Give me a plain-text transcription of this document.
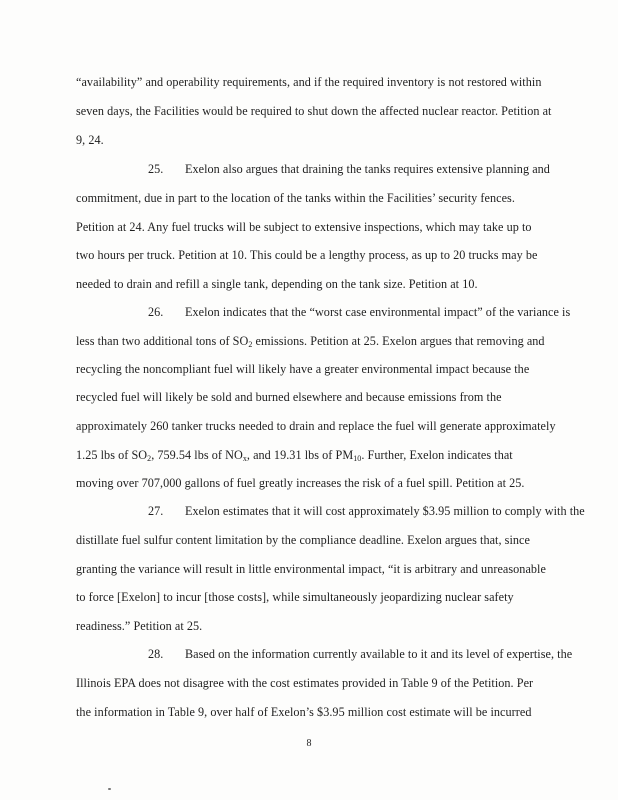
“availability” and operability requirements, and if the required inventory is not restored within
seven days, the Facilities would be required to shut down the affected nuclear reactor. Petition at
9, 24.
25. Exelon also argues that draining the tanks requires extensive planning and
commitment, due in part to the location of the tanks within the Facilities’ security fences.
Petition at 24. Any fuel trucks will be subject to extensive inspections, which may take up to
two hours per truck. Petition at 10. This could be a lengthy process, as up to 20 trucks may be
needed to drain and refill a single tank, depending on the tank size. Petition at 10.
26. Exelon indicates that the “worst case environmental impact” of the variance is
less than two additional tons of $SO_2$ emissions. Petition at 25. Exelon argues that removing and
recycling the noncompliant fuel will likely have a greater environmental impact because the
recycled fuel will likely be sold and burned elsewhere and because emissions from the
approximately 260 tanker trucks needed to drain and replace the fuel will generate approximately
1.25 lbs of $SO_2$, 759.54 lbs of $NO_x$, and 19.31 lbs of $PM_{10}$. Further, Exelon indicates that
moving over 707,000 gallons of fuel greatly increases the risk of a fuel spill. Petition at 25.
27. Exelon estimates that it will cost approximately $3.95 million to comply with the
distillate fuel sulfur content limitation by the compliance deadline. Exelon argues that, since
granting the variance will result in little environmental impact, “it is arbitrary and unreasonable
to force [Exelon] to incur [those costs], while simultaneously jeopardizing nuclear safety
readiness.” Petition at 25.
28. Based on the information currently available to it and its level of expertise, the
Illinois EPA does not disagree with the cost estimates provided in Table 9 of the Petition. Per
the information in Table 9, over half of Exelon’s $3.95 million cost estimate will be incurred
8
